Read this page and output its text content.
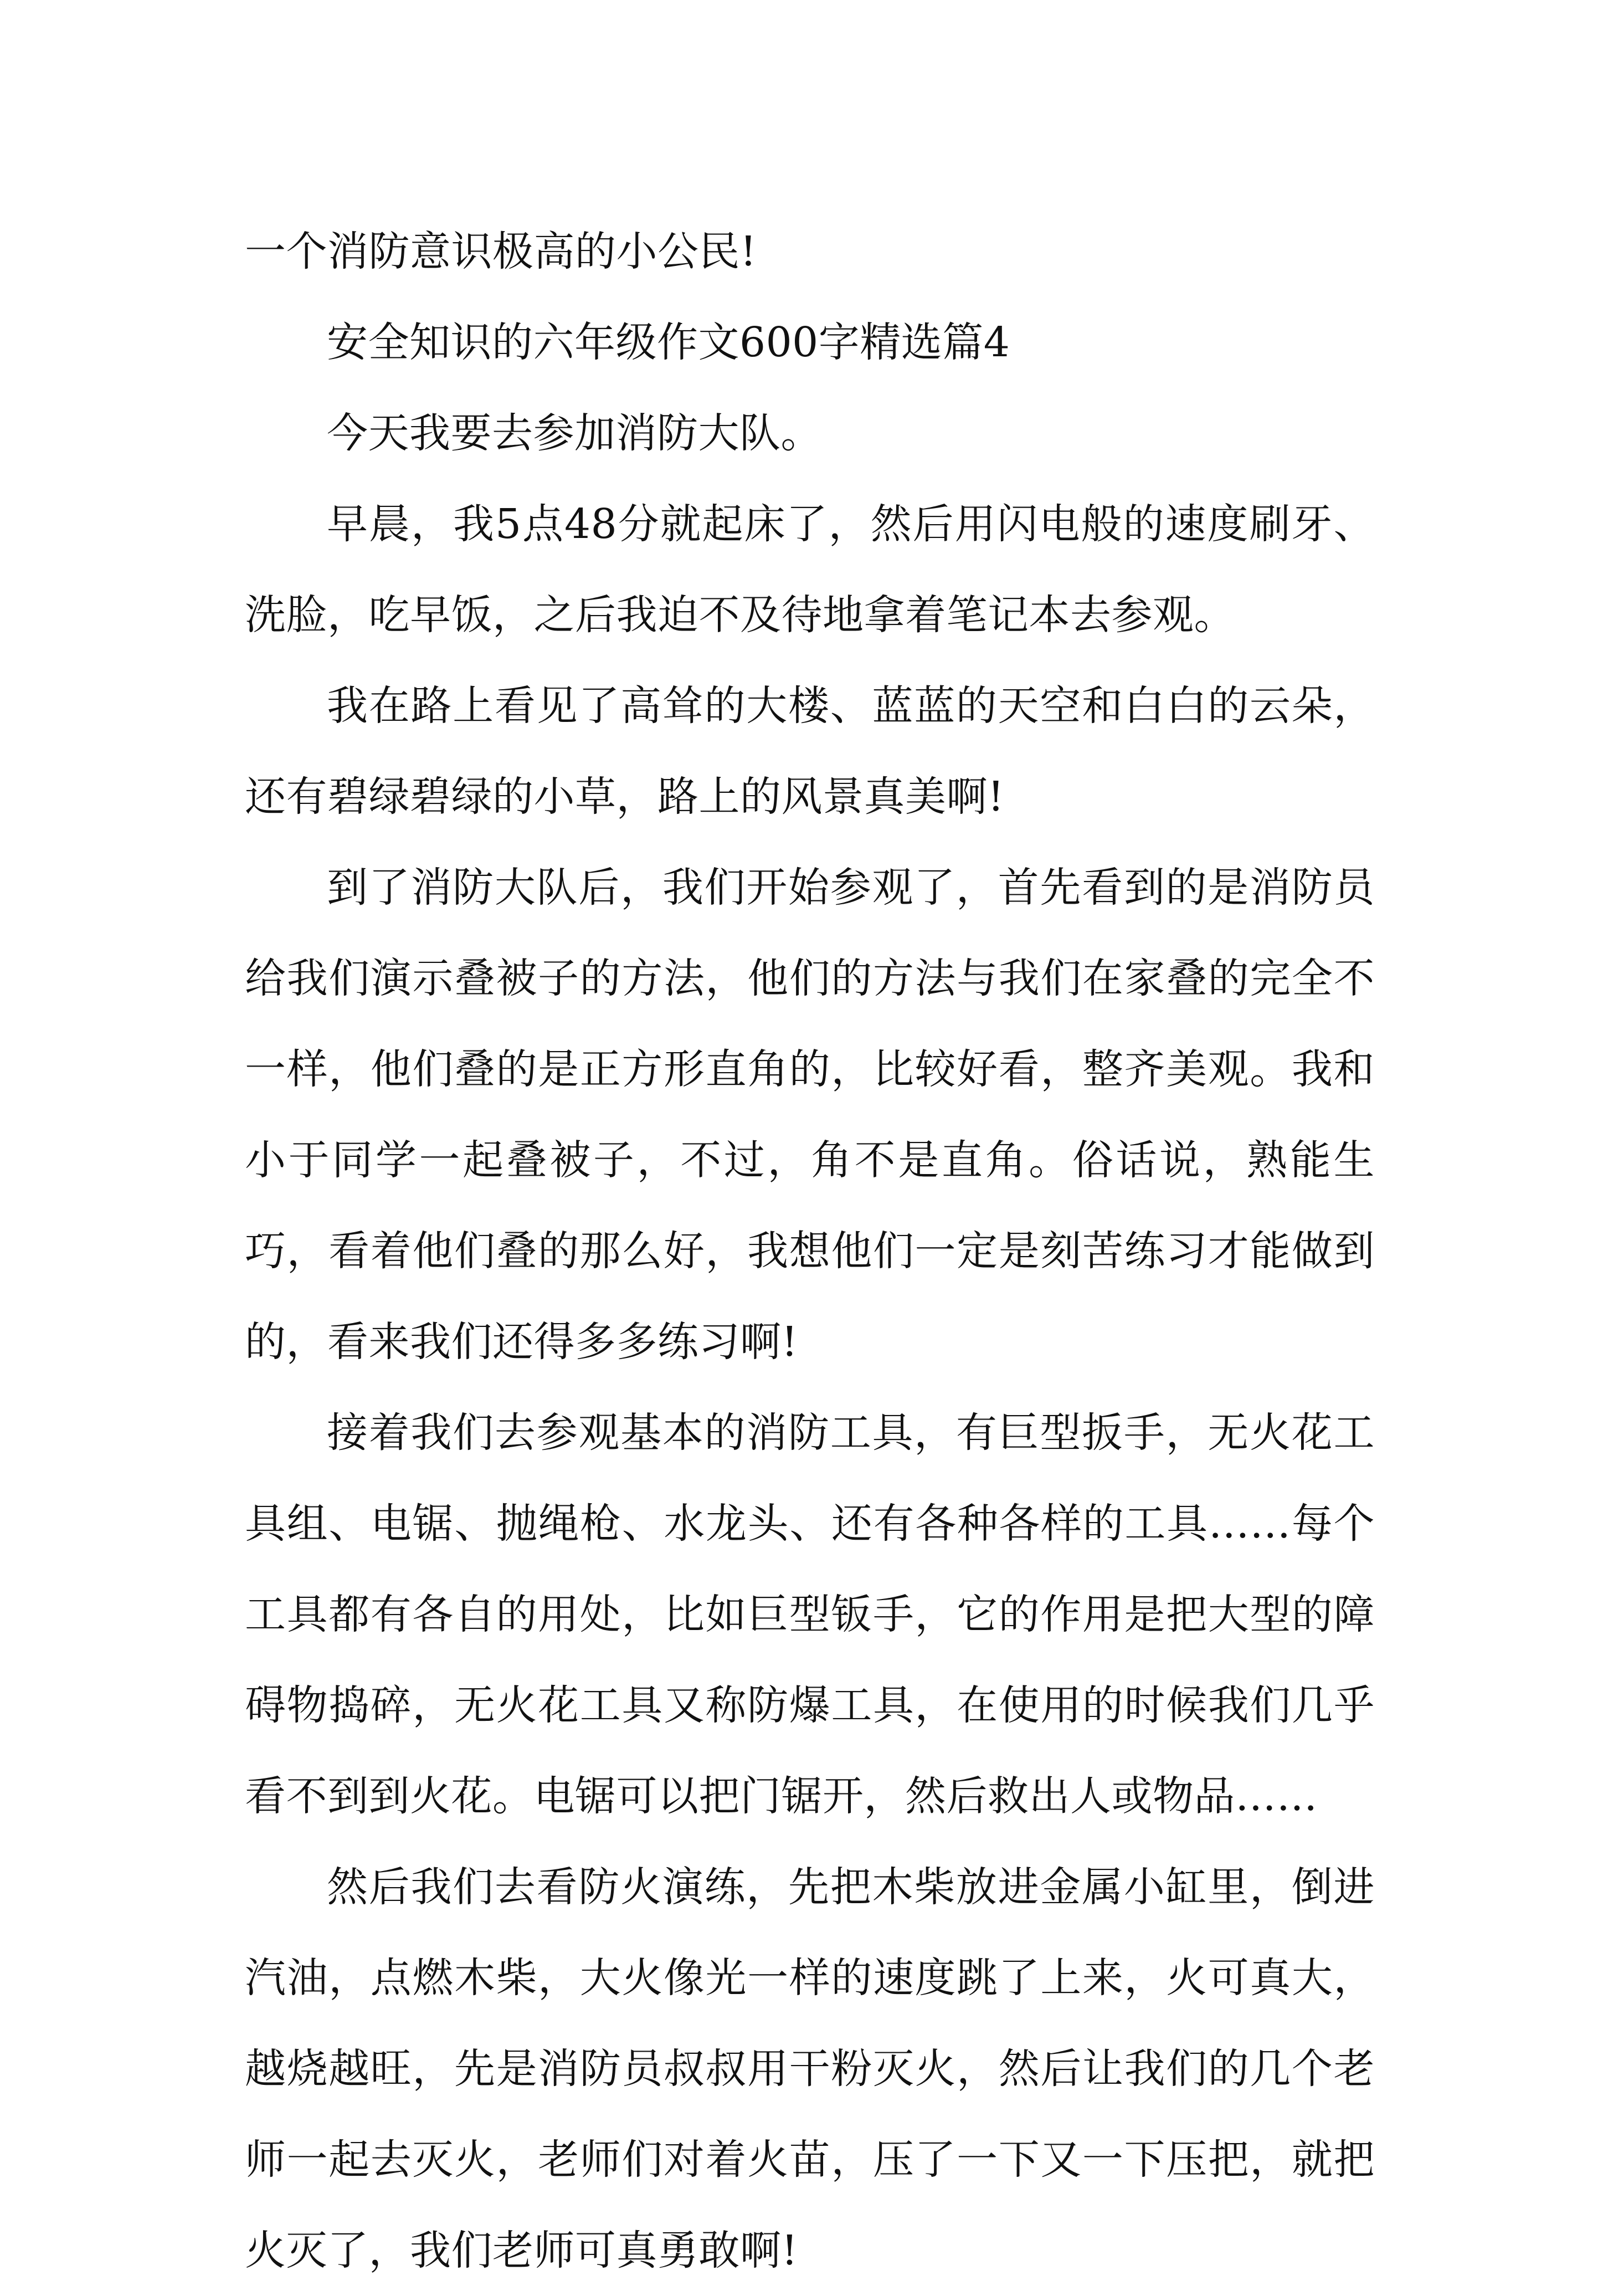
一个消防意识极高的小公民!

安全知识的六年级作文600字精选篇4

今天我要去参加消防大队。

早晨，我5点48分就起床了，然后用闪电般的速度刷牙、洗脸，吃早饭，之后我迫不及待地拿着笔记本去参观。

我在路上看见了高耸的大楼、蓝蓝的天空和白白的云朵，还有碧绿碧绿的小草，路上的风景真美啊!

到了消防大队后，我们开始参观了，首先看到的是消防员给我们演示叠被子的方法，他们的方法与我们在家叠的完全不一样，他们叠的是正方形直角的，比较好看，整齐美观。我和小于同学一起叠被子，不过，角不是直角。俗话说，熟能生巧，看着他们叠的那么好，我想他们一定是刻苦练习才能做到的，看来我们还得多多练习啊!

接着我们去参观基本的消防工具，有巨型扳手，无火花工具组、电锯、抛绳枪、水龙头、还有各种各样的工具……每个工具都有各自的用处，比如巨型钣手，它的作用是把大型的障碍物捣碎，无火花工具又称防爆工具，在使用的时候我们几乎看不到到火花。电锯可以把门锯开，然后救出人或物品……

然后我们去看防火演练，先把木柴放进金属小缸里，倒进汽油，点燃木柴，大火像光一样的速度跳了上来，火可真大，越烧越旺，先是消防员叔叔用干粉灭火，然后让我们的几个老师一起去灭火，老师们对着火苗，压了一下又一下压把，就把火灭了，我们老师可真勇敢啊!
